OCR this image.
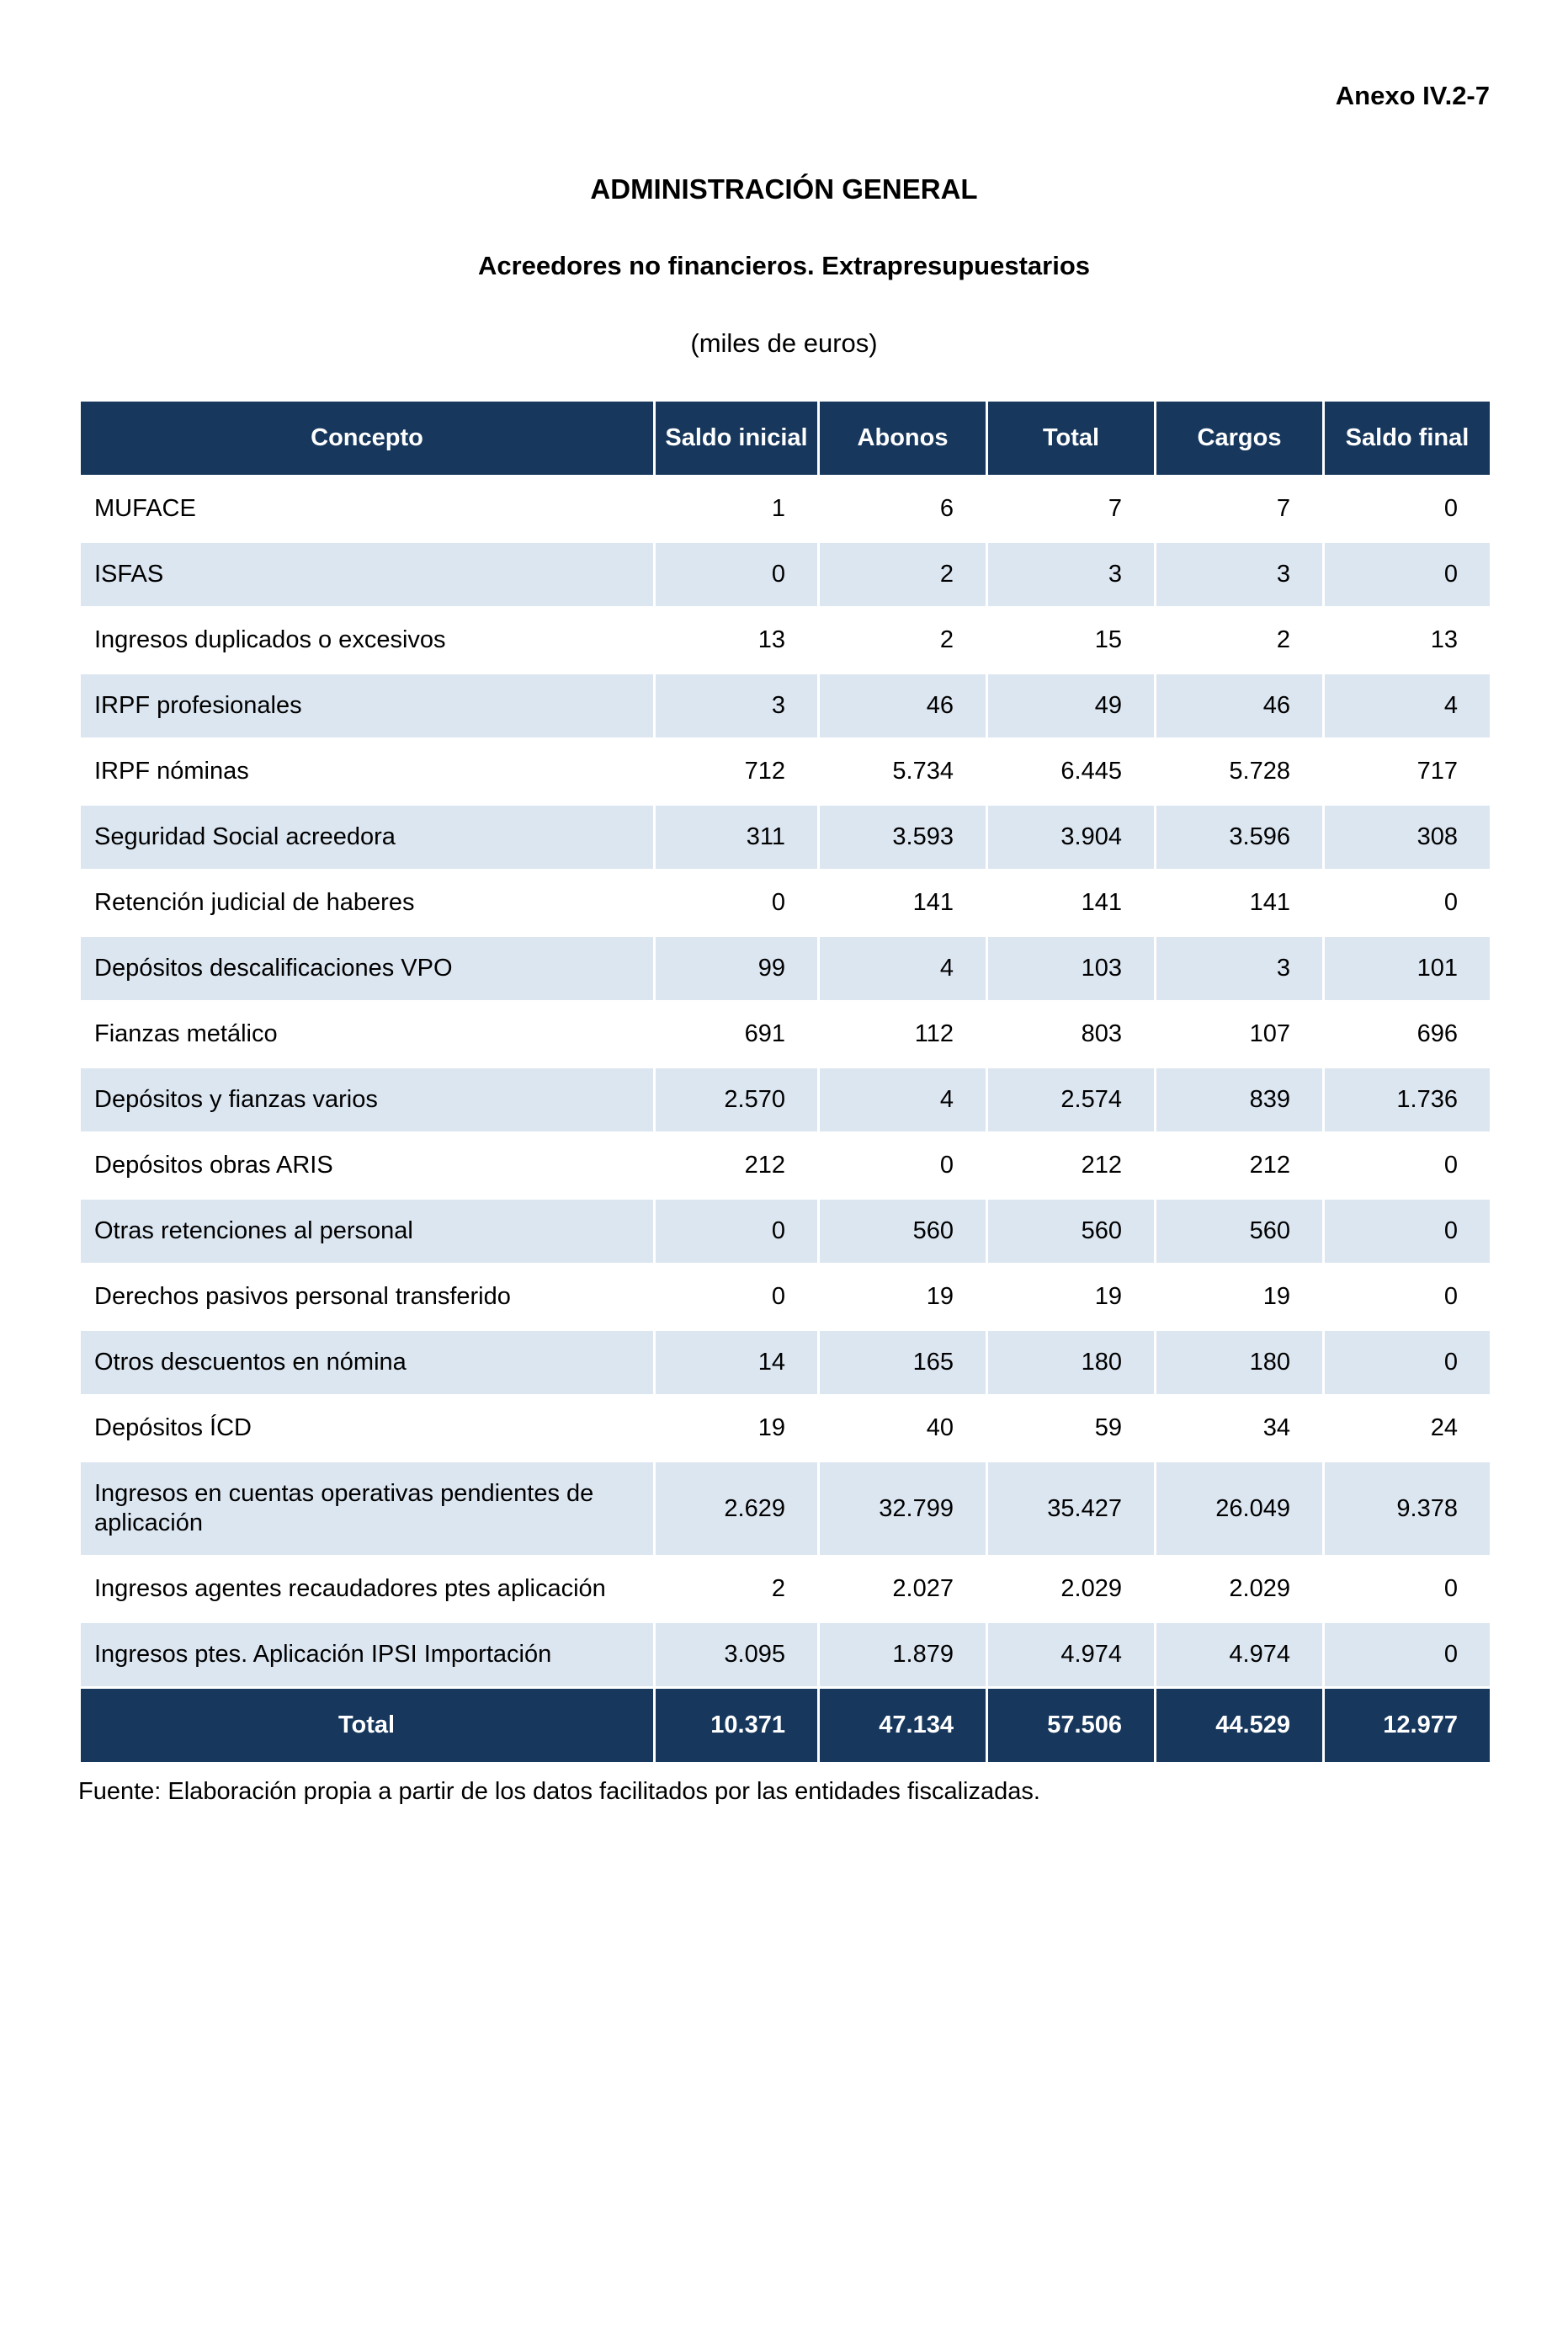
Anexo IV.2-7
ADMINISTRACIÓN GENERAL
Acreedores no financieros. Extrapresupuestarios
(miles de euros)
Concepto	Saldo inicial	Abonos	Total	Cargos	Saldo final
MUFACE	1	6	7	7	0
ISFAS	0	2	3	3	0
Ingresos duplicados o excesivos	13	2	15	2	13
IRPF profesionales	3	46	49	46	4
IRPF nóminas	712	5.734	6.445	5.728	717
Seguridad Social acreedora	311	3.593	3.904	3.596	308
Retención judicial de haberes	0	141	141	141	0
Depósitos descalificaciones VPO	99	4	103	3	101
Fianzas metálico	691	112	803	107	696
Depósitos y fianzas varios	2.570	4	2.574	839	1.736
Depósitos obras ARIS	212	0	212	212	0
Otras retenciones al personal	0	560	560	560	0
Derechos pasivos personal transferido	0	19	19	19	0
Otros descuentos en nómina	14	165	180	180	0
Depósitos ÍCD	19	40	59	34	24
Ingresos en cuentas operativas pendientes de aplicación	2.629	32.799	35.427	26.049	9.378
Ingresos agentes recaudadores ptes aplicación	2	2.027	2.029	2.029	0
Ingresos ptes. Aplicación IPSI Importación	3.095	1.879	4.974	4.974	0
Total	10.371	47.134	57.506	44.529	12.977
Fuente: Elaboración propia a partir de los datos facilitados por las entidades fiscalizadas.
